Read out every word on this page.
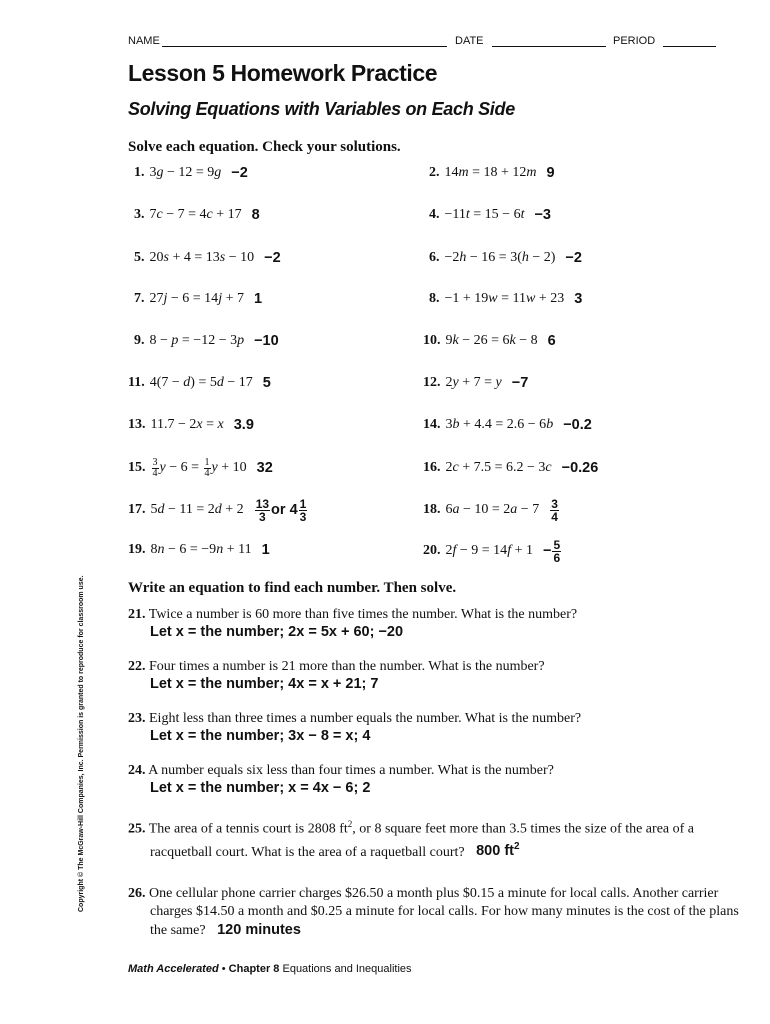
NAME	DATE	PERIOD
Lesson 5 Homework Practice
Solving Equations with Variables on Each Side
Solve each equation. Check your solutions.
1. 3g − 12 = 9g −2
3. 7c − 7 = 4c + 17 8
5. 20s + 4 = 13s − 10 −2
7. 27j − 6 = 14j + 7 1
9. 8 − p = −12 − 3p −10
11. 4(7 − d) = 5d − 17 5
13. 11.7 − 2x = x 3.9
15. $\frac{3}{4}$ $y - 6 = \frac{1}{4}$ y + 10 32
17. $5d - 11 = 2d + 2 \frac{13}{3}$ or $4 \frac{1}{3}$
19. 8n − 6 = −9n + 11 1
2. 14m = 18 + 12m 9
4. −11t = 15 − 6t −3
6. −2h − 16 = 3(h − 2) −2
8. −1 + 19w = 11w + 23 3
10. 9k − 26 = 6k − 8 6
12. 2y + 7 = y −7
14. 3b + 4.4 = 2.6 − 6b −0.2
16. 2c + 7.5 = 6.2 − 3c −0.26
18. $6a - 10 = 2a - 7 \frac{3}{4}$
20. $2f - 9 = 14f + 1 - \frac{5}{6}$
Write an equation to find each number. Then solve.
21. Twice a number is 60 more than five times the number. What is the number?
Let x = the number; 2x = 5x + 60; −20
22. Four times a number is 21 more than the number. What is the number?
Let x = the number; 4x = x + 21; 7
23. Eight less than three times a number equals the number. What is the number?
Let x = the number; 3x − 8 = x; 4
24. A number equals six less than four times a number. What is the number?
Let x = the number; x = 4x − 6; 2
25. The area of a tennis court is 2808 $ft^2$, or 8 square feet more than 3.5 times the size of the area of a racquetball court. What is the area of a raquetball court? 800 $ft^2$
26. One cellular phone carrier charges $26.50 a month plus $0.15 a minute for local calls. Another carrier charges $14.50 a month and $0.25 a minute for local calls. For how many minutes is the cost of the plans the same? 120 minutes
Copyright © The McGraw-Hill Companies, Inc. Permission is granted to reproduce for classroom use.
Math Accelerated • Chapter 8 Equations and Inequalities
